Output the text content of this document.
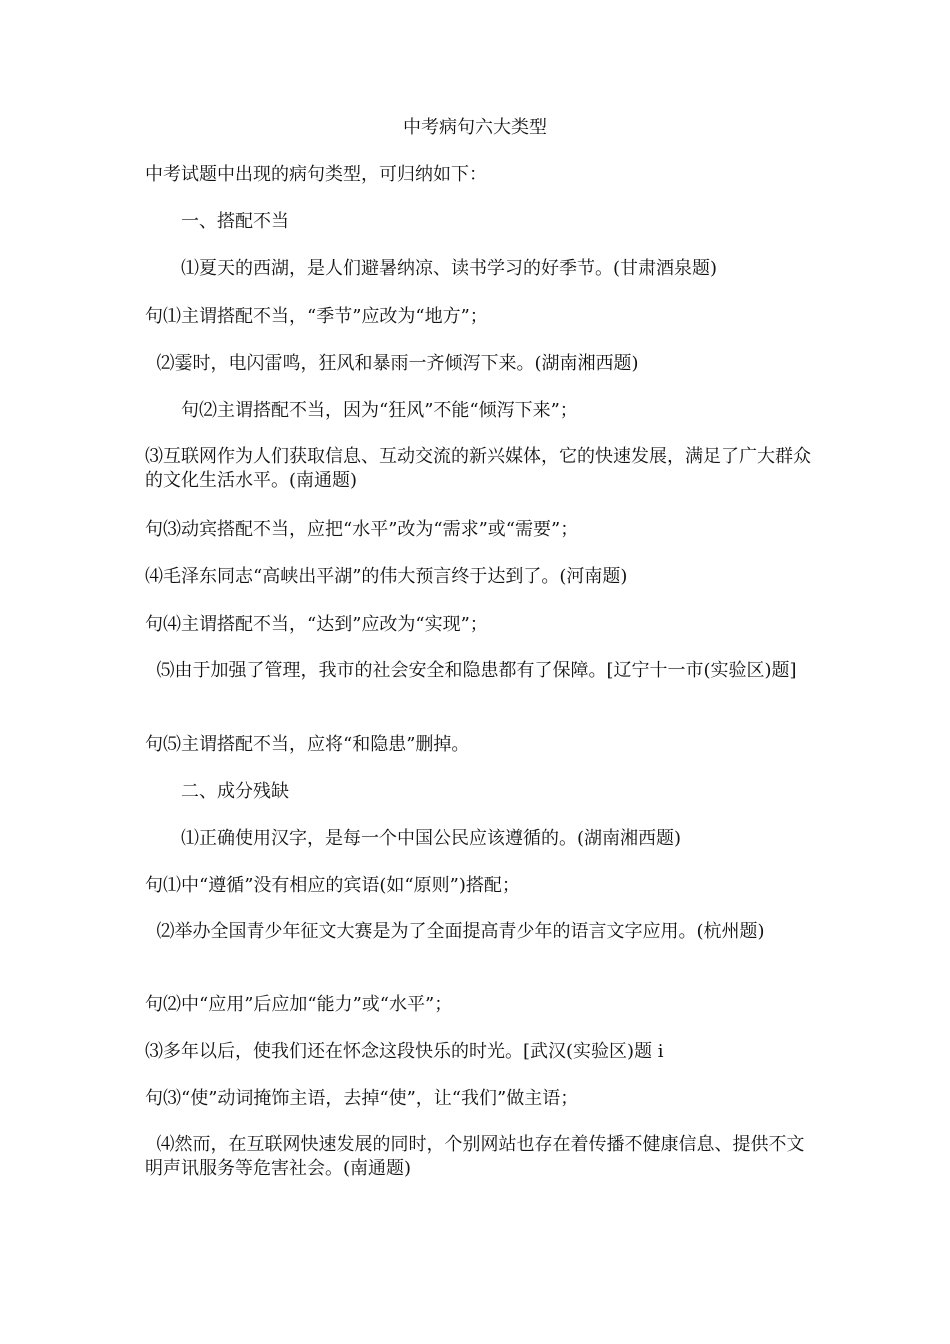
中考病句六大类型

中考试题中出现的病句类型，可归纳如下：

　　一、搭配不当

　　⑴夏天的西湖，是人们避暑纳凉、读书学习的好季节。(甘肃酒泉题)

句⑴主谓搭配不当，“季节”应改为“地方”；

⑵霎时，电闪雷鸣，狂风和暴雨一齐倾泻下来。(湖南湘西题)

　　句⑵主谓搭配不当，因为“狂风”不能“倾泻下来”；

⑶互联网作为人们获取信息、互动交流的新兴媒体，它的快速发展，满足了广大群众的文化生活水平。(南通题)

句⑶动宾搭配不当，应把“水平”改为“需求”或“需要”；

⑷毛泽东同志“高峡出平湖”的伟大预言终于达到了。(河南题)

句⑷主谓搭配不当，“达到”应改为“实现”；

⑸由于加强了管理，我市的社会安全和隐患都有了保障。[辽宁十一市(实验区)题]

句⑸主谓搭配不当，应将“和隐患”删掉。

　　二、成分残缺

　　⑴正确使用汉字，是每一个中国公民应该遵循的。(湖南湘西题)

句⑴中“遵循”没有相应的宾语(如“原则”)搭配；

⑵举办全国青少年征文大赛是为了全面提高青少年的语言文字应用。(杭州题)

句⑵中“应用”后应加“能力”或“水平”；

⑶多年以后，使我们还在怀念这段快乐的时光。[武汉(实验区)题 i

句⑶“使”动词掩饰主语，去掉“使”，让“我们”做主语；

⑷然而，在互联网快速发展的同时，个别网站也存在着传播不健康信息、提供不文明声讯服务等危害社会。(南通题)
